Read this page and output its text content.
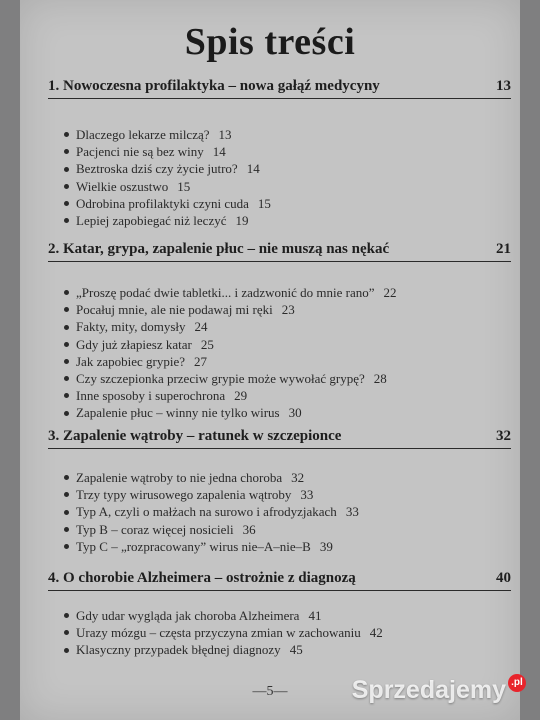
Spis treści
1. Nowoczesna profilaktyka – nowa gałąź medycyny	13
Dlaczego lekarze milczą? 13
Pacjenci nie są bez winy 14
Beztroska dziś czy życie jutro? 14
Wielkie oszustwo 15
Odrobina profilaktyki czyni cuda 15
Lepiej zapobiegać niż leczyć 19
2. Katar, grypa, zapalenie płuc – nie muszą nas nękać	21
„Proszę podać dwie tabletki... i zadzwonić do mnie rano” 22
Pocałuj mnie, ale nie podawaj mi ręki 23
Fakty, mity, domysły 24
Gdy już złapiesz katar 25
Jak zapobiec grypie? 27
Czy szczepionka przeciw grypie może wywołać grypę? 28
Inne sposoby i superochrona 29
Zapalenie płuc – winny nie tylko wirus 30
3. Zapalenie wątroby – ratunek w szczepionce	32
Zapalenie wątroby to nie jedna choroba 32
Trzy typy wirusowego zapalenia wątroby 33
Typ A, czyli o małżach na surowo i afrodyzjakach 33
Typ B – coraz więcej nosicieli 36
Typ C – „rozpracowany” wirus nie–A–nie–B 39
4. O chorobie Alzheimera – ostrożnie z diagnozą	40
Gdy udar wygląda jak choroba Alzheimera 41
Urazy mózgu – częsta przyczyna zmian w zachowaniu 42
Klasyczny przypadek błędnej diagnozy 45
—5—	Sprzedajemy .pl
